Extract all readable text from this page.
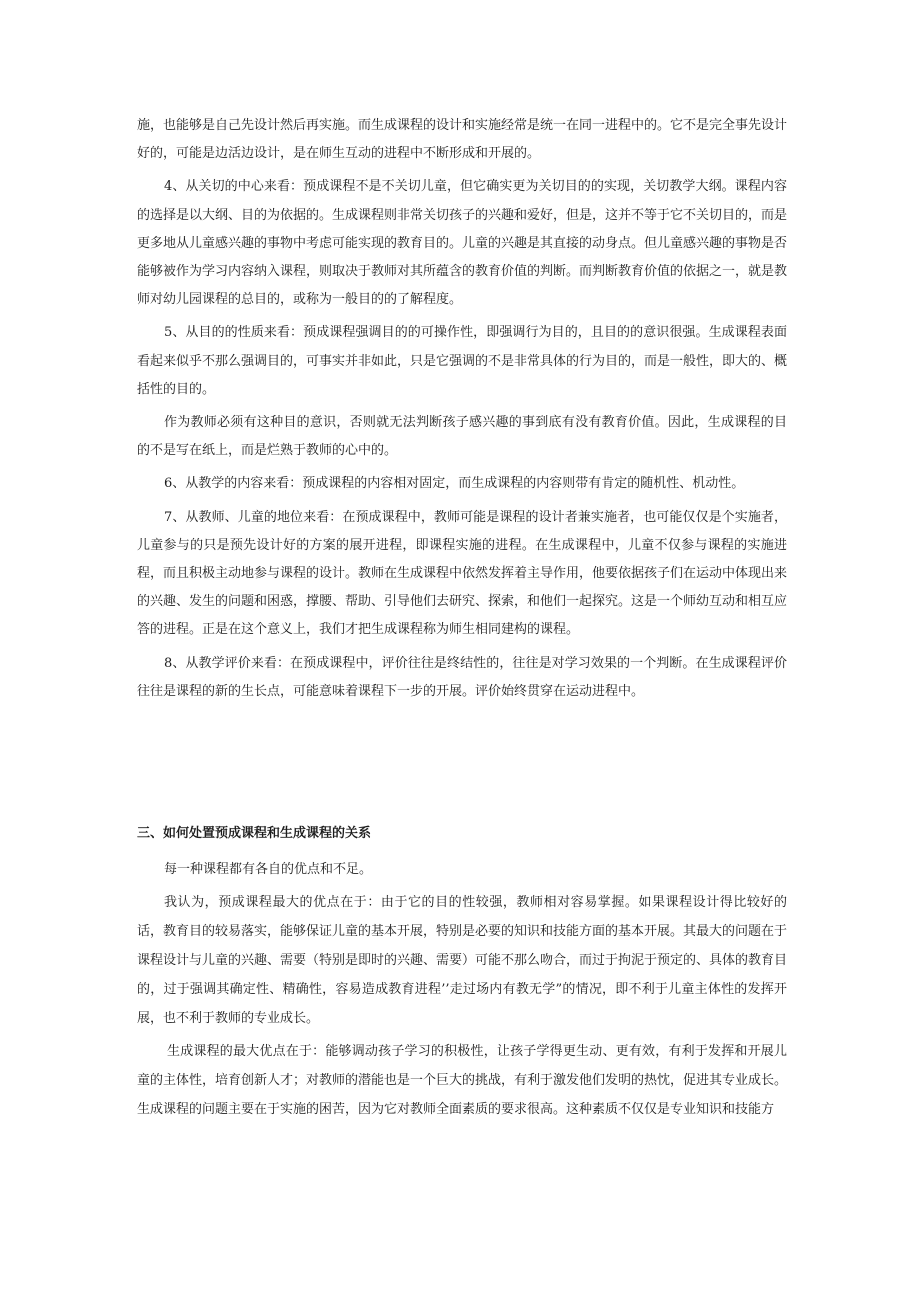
施，也能够是自己先设计然后再实施。而生成课程的设计和实施经常是统一在同一进程中的。它不是完全事先设计好的，可能是边活边设计，是在师生互动的进程中不断形成和开展的。

4、从关切的中心来看：预成课程不是不关切儿童，但它确实更为关切目的的实现，关切教学大纲。课程内容的选择是以大纲、目的为依据的。生成课程则非常关切孩子的兴趣和爱好，但是，这并不等于它不关切目的，而是更多地从儿童感兴趣的事物中考虑可能实现的教育目的。儿童的兴趣是其直接的动身点。但儿童感兴趣的事物是否能够被作为学习内容纳入课程，则取决于教师对其所蕴含的教育价值的判断。而判断教育价值的依据之一，就是教师对幼儿园课程的总目的，或称为一般目的的了解程度。

5、从目的的性质来看：预成课程强调目的的可操作性，即强调行为目的，且目的的意识很强。生成课程表面看起来似乎不那么强调目的，可事实并非如此，只是它强调的不是非常具体的行为目的，而是一般性，即大的、概括性的目的。

作为教师必须有这种目的意识，否则就无法判断孩子感兴趣的事到底有没有教育价值。因此，生成课程的目的不是写在纸上，而是烂熟于教师的心中的。

6、从教学的内容来看：预成课程的内容相对固定，而生成课程的内容则带有肯定的随机性、机动性。

7、从教师、儿童的地位来看：在预成课程中，教师可能是课程的设计者兼实施者，也可能仅仅是个实施者，儿童参与的只是预先设计好的方案的展开进程，即课程实施的进程。在生成课程中，儿童不仅参与课程的实施进程，而且积极主动地参与课程的设计。教师在生成课程中依然发挥着主导作用，他要依据孩子们在运动中体现出来的兴趣、发生的问题和困惑，撑腰、帮助、引导他们去研究、探索，和他们一起探究。这是一个师幼互动和相互应答的进程。正是在这个意义上，我们才把生成课程称为师生相同建构的课程。

8、从教学评价来看：在预成课程中，评价往往是终结性的，往往是对学习效果的一个判断。在生成课程评价往往是课程的新的生长点，可能意味着课程下一步的开展。评价始终贯穿在运动进程中。

三、如何处置预成课程和生成课程的关系

每一种课程都有各自的优点和不足。

我认为，预成课程最大的优点在于：由于它的目的性较强，教师相对容易掌握。如果课程设计得比较好的话，教育目的较易落实，能够保证儿童的基本开展，特别是必要的知识和技能方面的基本开展。其最大的问题在于课程设计与儿童的兴趣、需要（特别是即时的兴趣、需要）可能不那么吻合，而过于拘泥于预定的、具体的教育目的，过于强调其确定性、精确性，容易造成教育进程’’走过场内有教无学”的情况，即不利于儿童主体性的发挥开展，也不利于教师的专业成长。

生成课程的最大优点在于：能够调动孩子学习的积极性，让孩子学得更生动、更有效，有利于发挥和开展儿童的主体性，培育创新人才；对教师的潜能也是一个巨大的挑战，有利于激发他们发明的热忱，促进其专业成长。生成课程的问题主要在于实施的困苦，因为它对教师全面素质的要求很高。这种素质不仅仅是专业知识和技能方
